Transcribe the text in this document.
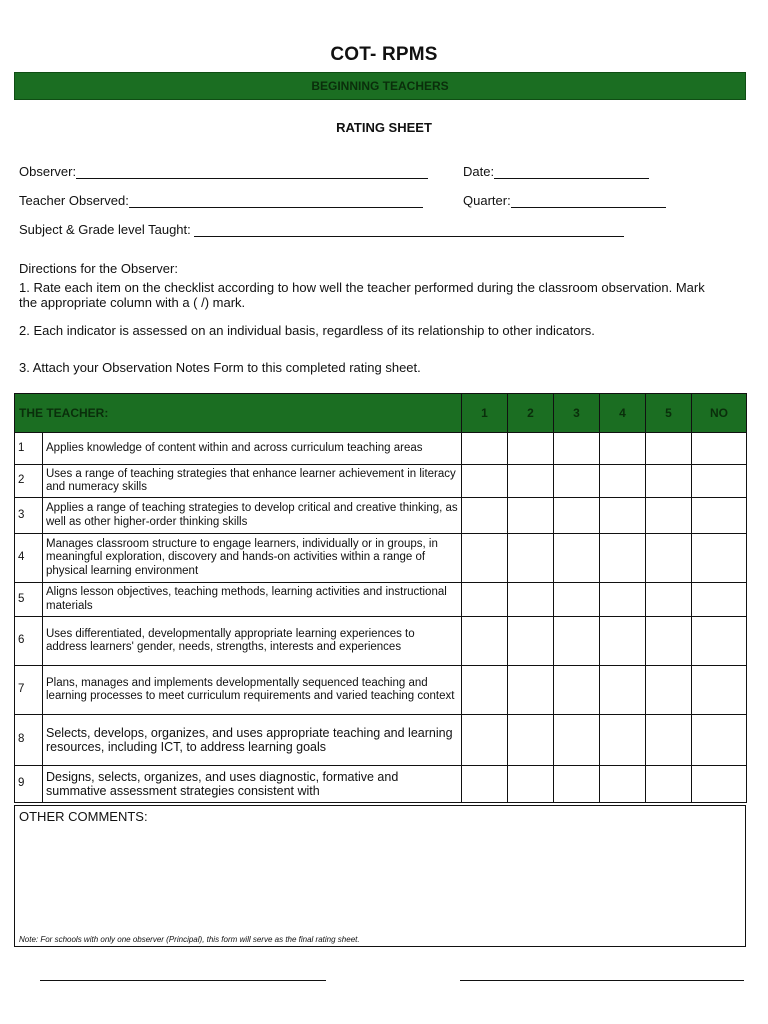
COT- RPMS
BEGINNING TEACHERS
RATING SHEET
Observer:	Date:
Teacher Observed:	Quarter:
Subject & Grade level Taught:
Directions for the Observer:
1. Rate each item on the checklist according to how well the teacher performed during the classroom observation. Mark the appropriate column with a ( /) mark.
2. Each indicator is assessed on an individual basis, regardless of its relationship to other indicators.
3. Attach your Observation Notes Form to this completed rating sheet.
THE TEACHER:		1	2	3	4	5	NO
1	Applies knowledge of content within and across curriculum teaching areas						
2	Uses a range of teaching strategies that enhance learner achievement in literacy and numeracy skills						
3	Applies a range of teaching strategies to develop critical and creative thinking, as well as other higher-order thinking skills						
4	Manages classroom structure to engage learners, individually or in groups, in meaningful exploration, discovery and hands-on activities within a range of physical learning environment						
5	Aligns lesson objectives, teaching methods, learning activities and instructional materials						
6	Uses differentiated, developmentally appropriate learning experiences to address learners' gender, needs, strengths, interests and experiences						
7	Plans, manages and implements developmentally sequenced teaching and learning processes to meet curriculum requirements and varied teaching context						
8	Selects, develops, organizes, and uses appropriate teaching and learning resources, including ICT, to address learning goals						
9	Designs, selects, organizes, and uses diagnostic, formative and summative assessment strategies consistent with						
OTHER COMMENTS:
Note: For schools with only one observer (Principal), this form will serve as the final rating sheet.
